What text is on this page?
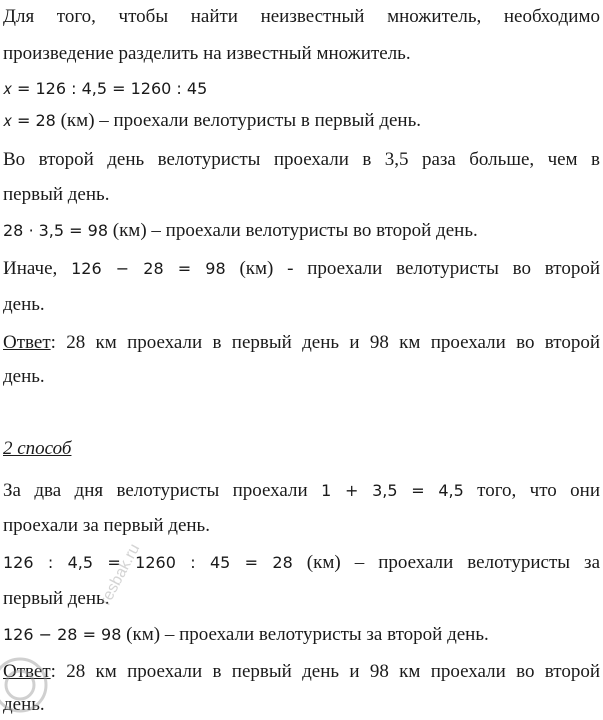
Для того, чтобы найти неизвестный множитель, необходимо
произведение разделить на известный множитель.
𝑥 = 126 : 4,5 = 1260 : 45
𝑥 = 28 (км) – проехали велотуристы в первый день.
Во второй день велотуристы проехали в 3,5 раза больше, чем в
первый день.
28 ⋅ 3,5 = 98 (км) – проехали велотуристы во второй день.
Иначе, 126 − 28 = 98 (км) - проехали велотуристы во второй
день.
Ответ: 28 км проехали в первый день и 98 км проехали во второй
день.
2 способ
За два дня велотуристы проехали 1 + 3,5 = 4,5 того, что они
проехали за первый день.
126 : 4,5 = 1260 : 45 = 28 (км) – проехали велотуристы за
первый день.
126 − 28 = 98 (км) – проехали велотуристы за второй день.
Ответ: 28 км проехали в первый день и 98 км проехали во второй
день.
resbak.ru
